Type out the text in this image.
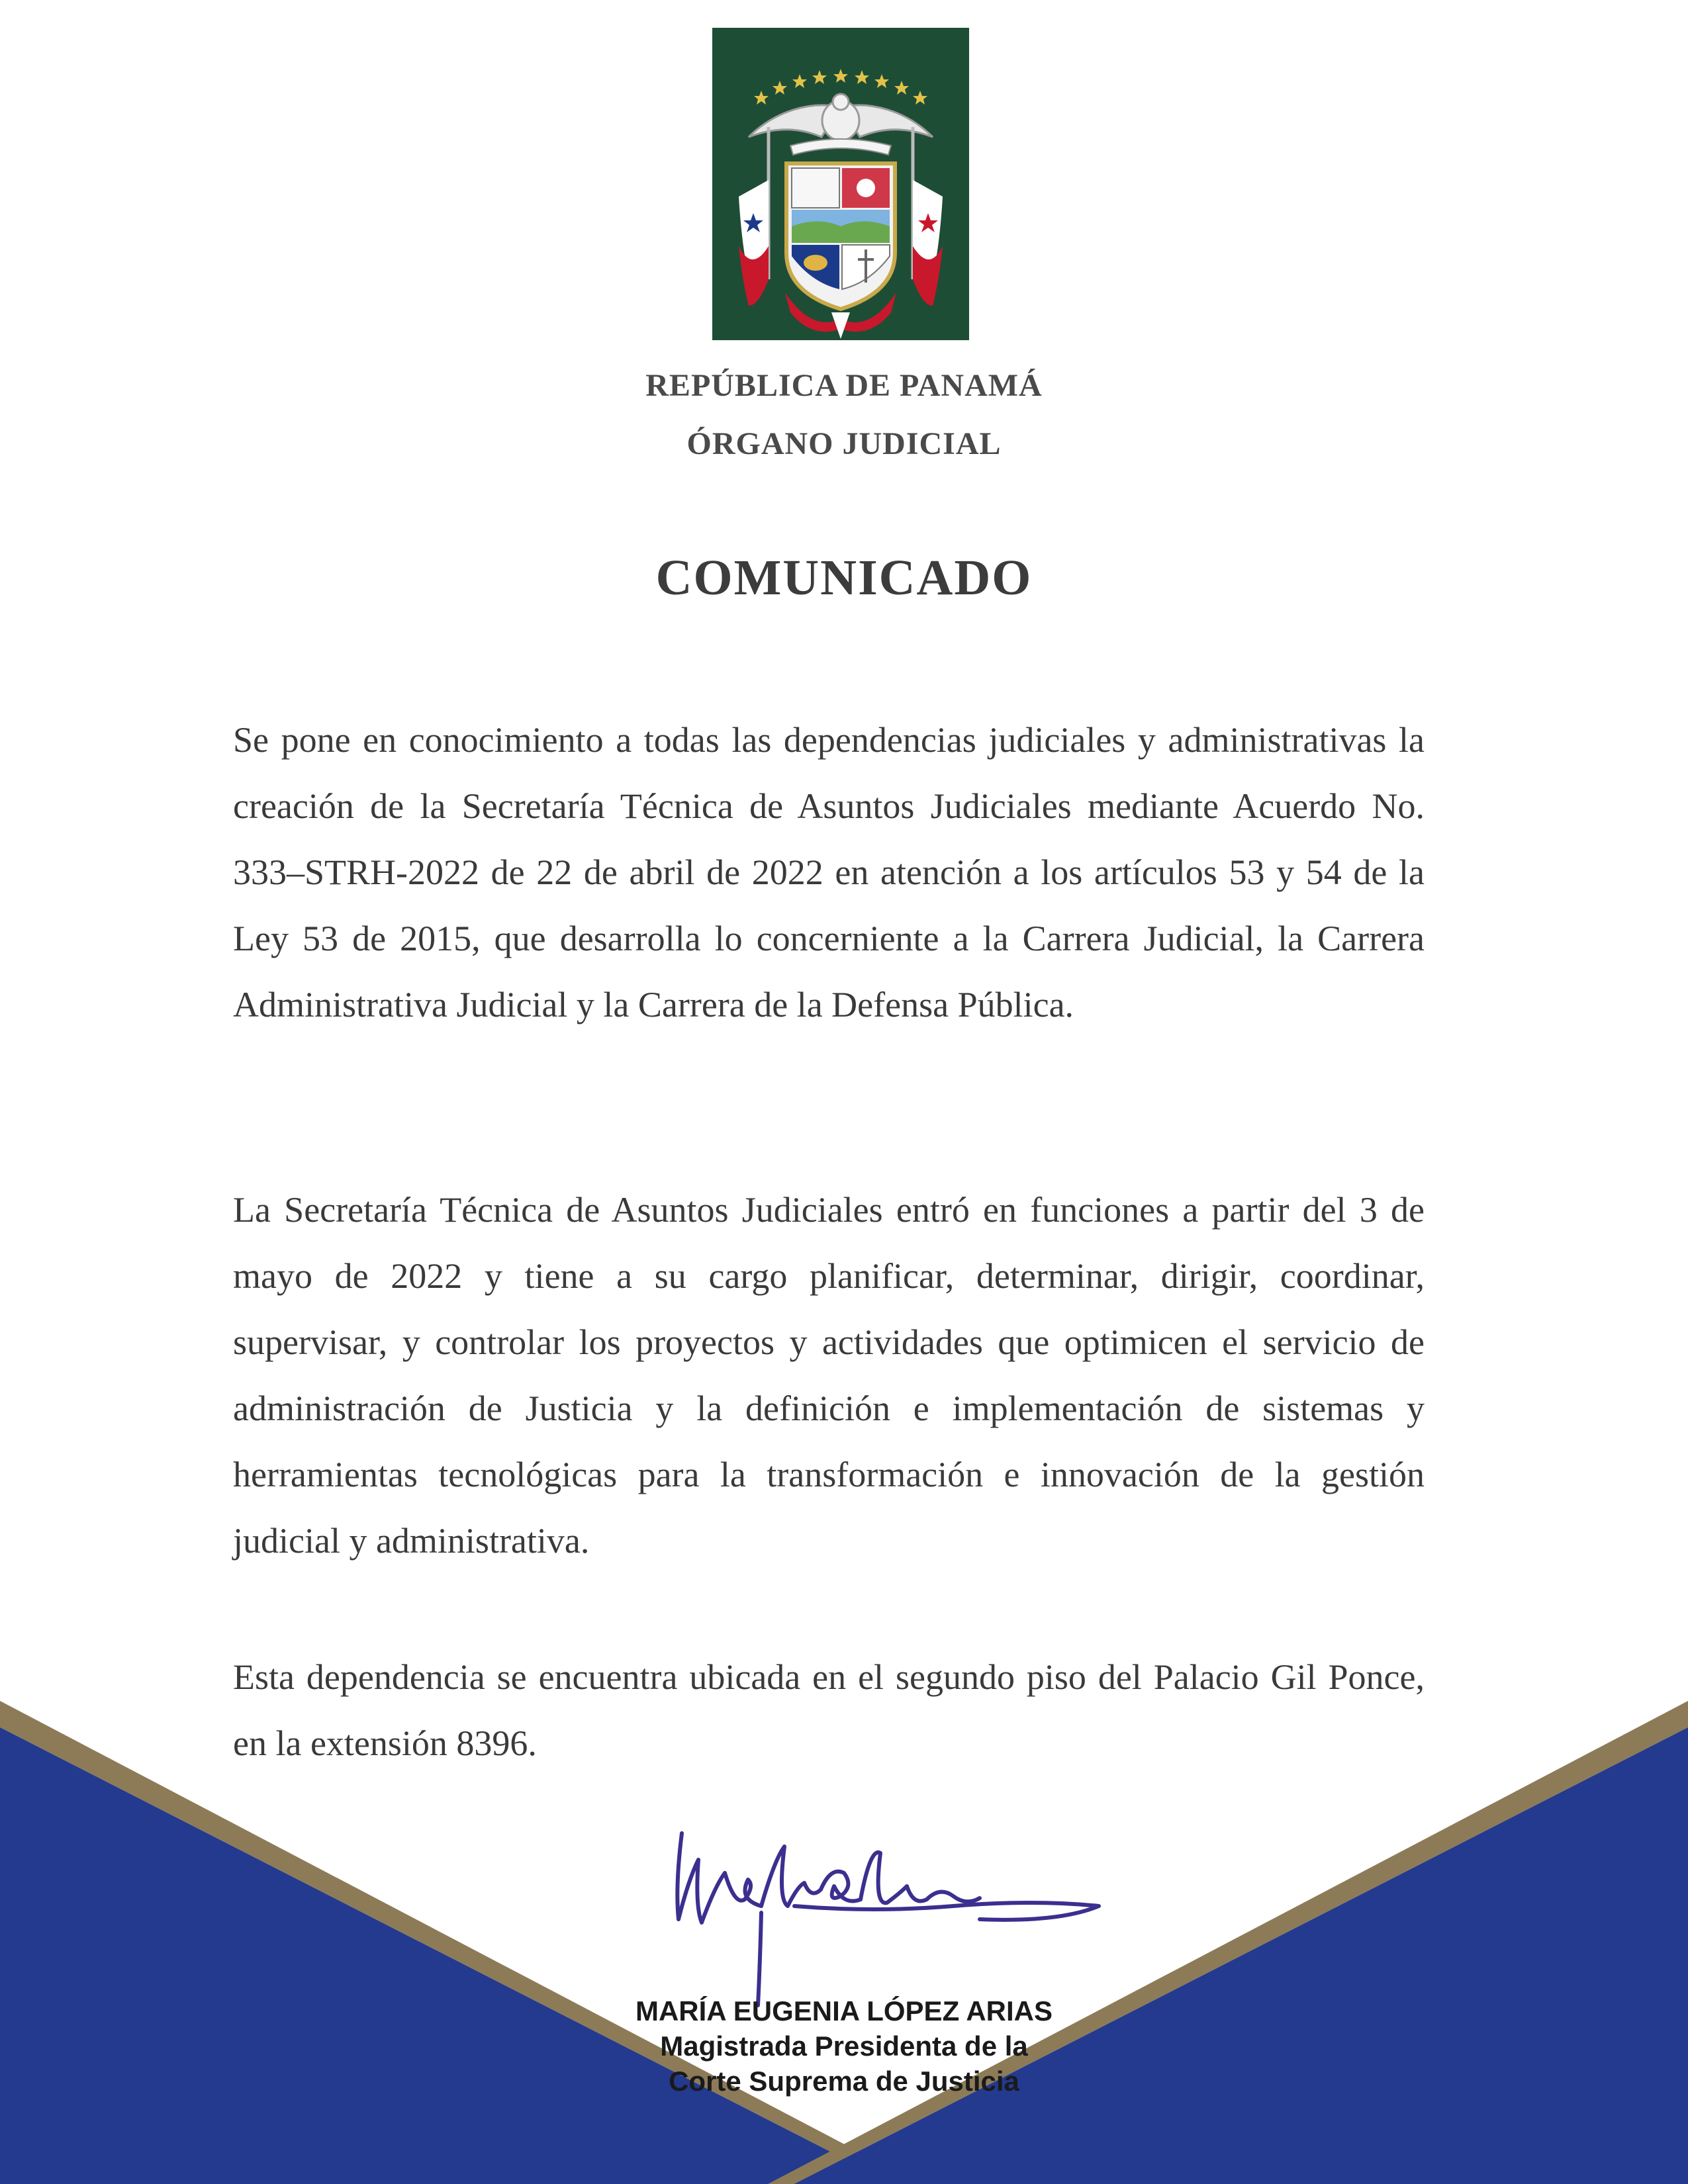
REPÚBLICA DE PANAMÁ
ÓRGANO JUDICIAL
COMUNICADO
Se pone en conocimiento a todas las dependencias judiciales y administrativas la creación de la Secretaría Técnica de Asuntos Judiciales mediante Acuerdo No. 333–STRH-2022 de 22 de abril de 2022 en atención a los artículos 53 y 54 de la Ley 53 de 2015, que desarrolla lo concerniente a la Carrera Judicial, la Carrera Administrativa Judicial y la Carrera de la Defensa Pública.
La Secretaría Técnica de Asuntos Judiciales entró en funciones a partir del 3 de mayo de 2022 y tiene a su cargo planificar, determinar, dirigir, coordinar, supervisar, y controlar los proyectos y actividades que optimicen el servicio de administración de Justicia y la definición e implementación de sistemas y herramientas tecnológicas para la transformación e innovación de la gestión judicial y administrativa.
Esta dependencia se encuentra ubicada en el segundo piso del Palacio Gil Ponce, en la extensión 8396.
MARÍA EUGENIA LÓPEZ ARIAS
Magistrada Presidenta de la
Corte Suprema de Justicia
